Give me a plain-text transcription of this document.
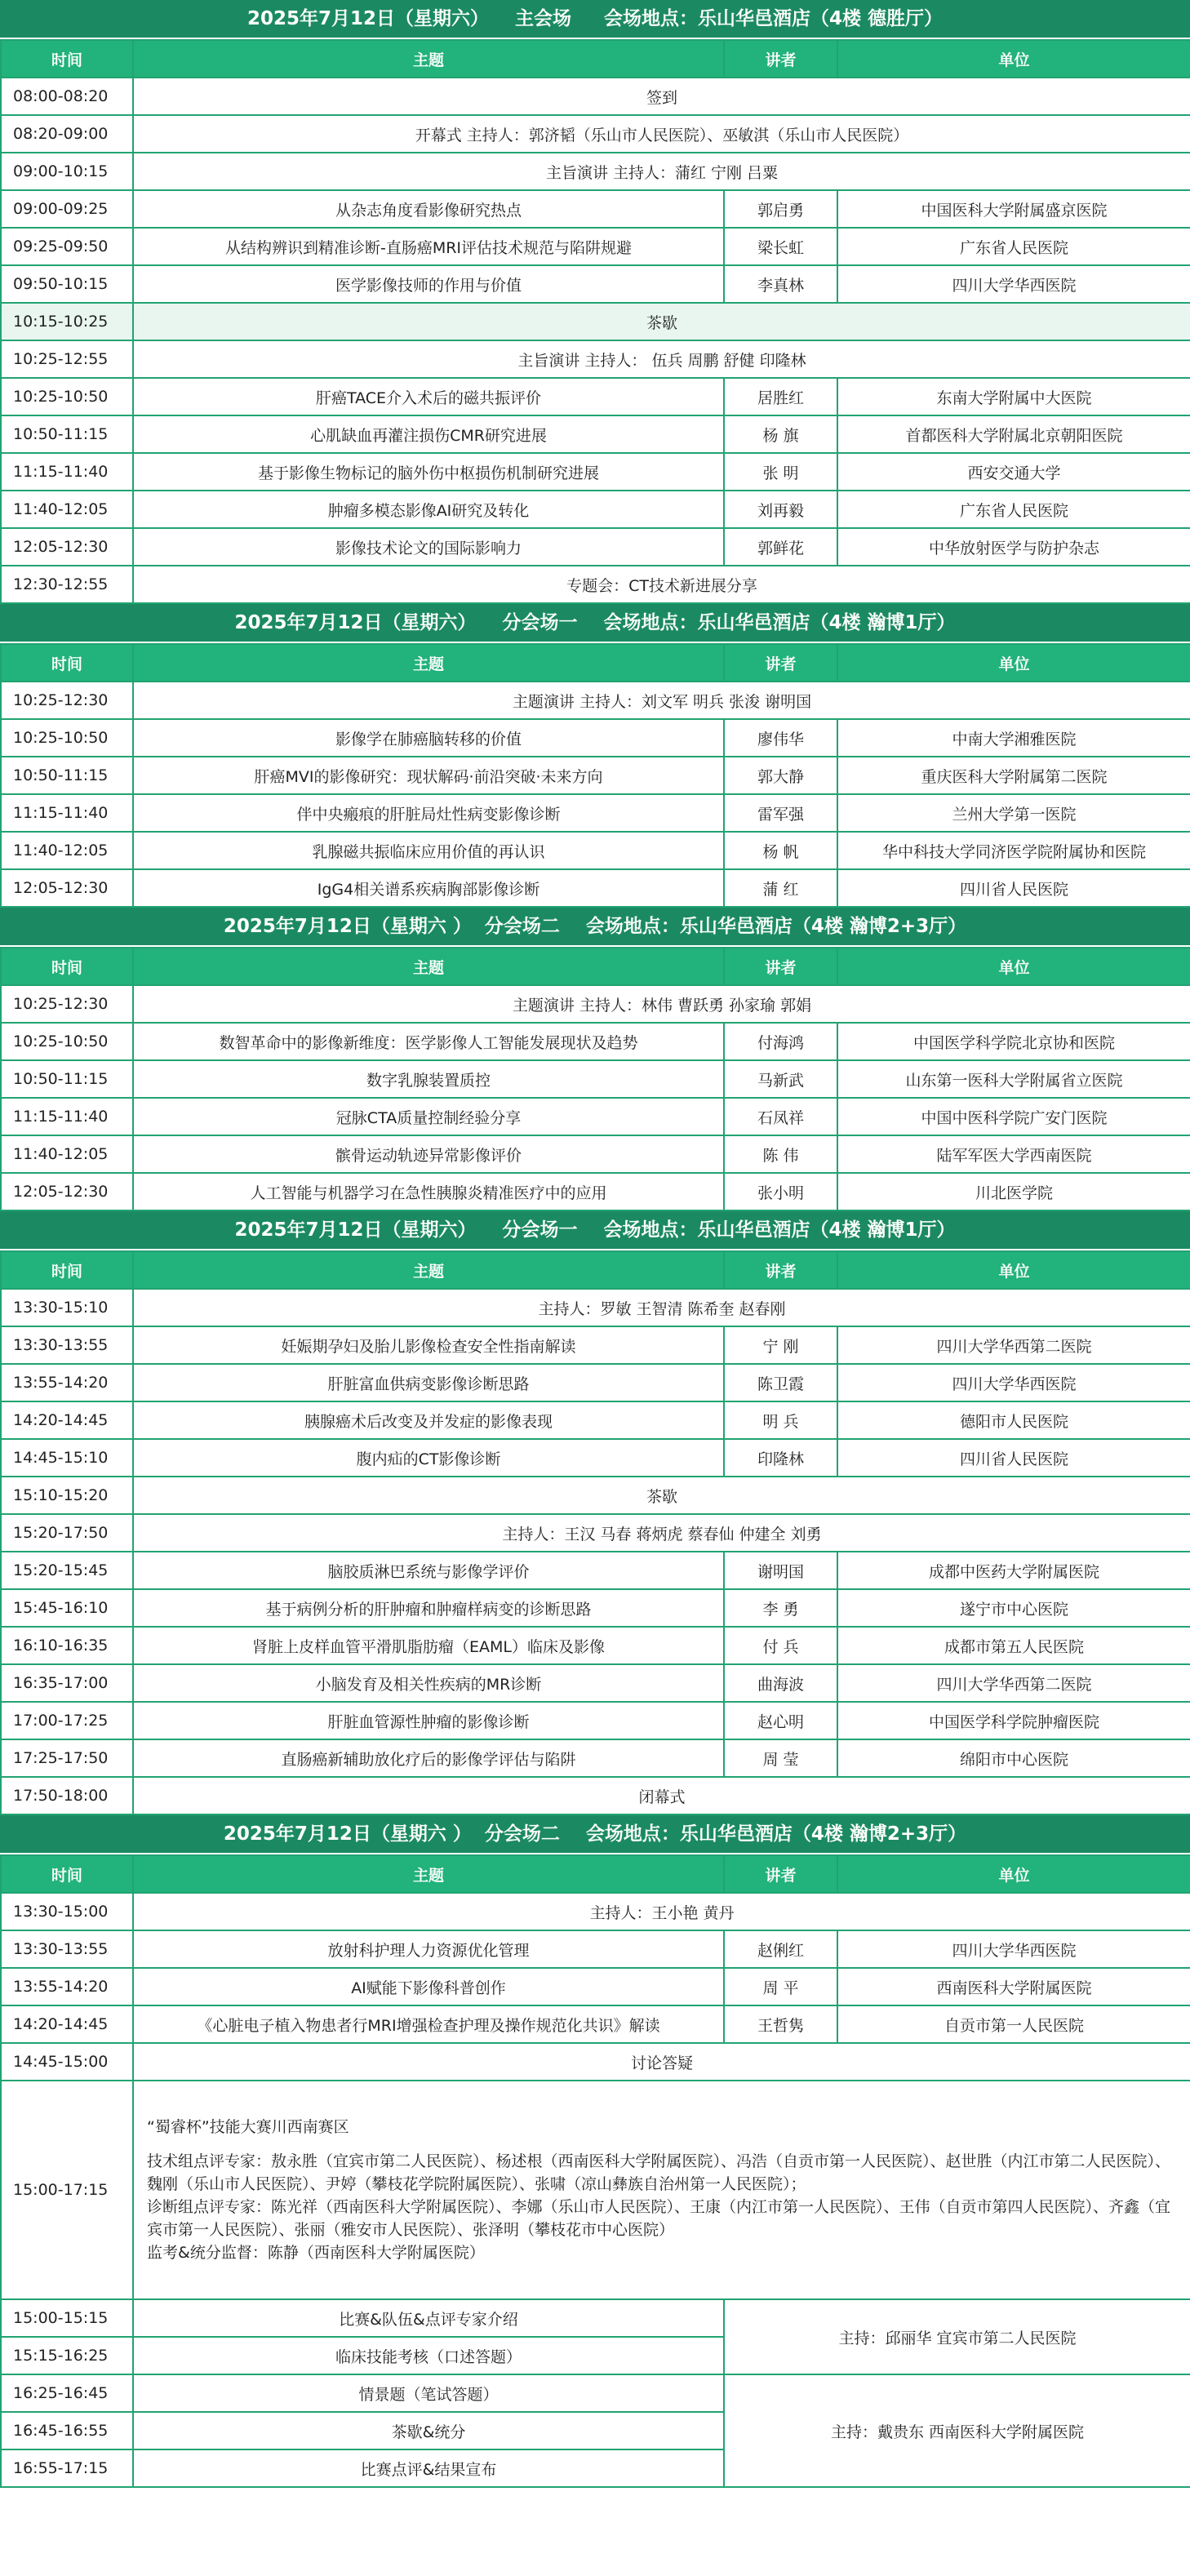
2025年7月12日（星期六）    主会场     会场地点：乐山华邑酒店（4楼 德胜厅）
时间	主题	讲者	单位
08:00-08:20	签到		
08:20-09:00	开幕式 主持人：郭济韬（乐山市人民医院）、巫敏淇（乐山市人民医院）		
09:00-10:15	主旨演讲 主持人：蒲红 宁刚 吕粟		
09:00-09:25	从杂志角度看影像研究热点	郭启勇	中国医科大学附属盛京医院
09:25-09:50	从结构辨识到精准诊断-直肠癌MRI评估技术规范与陷阱规避	梁长虹	广东省人民医院
09:50-10:15	医学影像技师的作用与价值	李真林	四川大学华西医院
10:15-10:25	茶歇		
10:25-12:55	主旨演讲 主持人： 伍兵 周鹏 舒健 印隆林		
10:25-10:50	肝癌TACE介入术后的磁共振评价	居胜红	东南大学附属中大医院
10:50-11:15	心肌缺血再灌注损伤CMR研究进展	杨 旗	首都医科大学附属北京朝阳医院
11:15-11:40	基于影像生物标记的脑外伤中枢损伤机制研究进展	张 明	西安交通大学
11:40-12:05	肿瘤多模态影像AI研究及转化	刘再毅	广东省人民医院
12:05-12:30	影像技术论文的国际影响力	郭鲜花	中华放射医学与防护杂志
12:30-12:55	专题会：CT技术新进展分享		
2025年7月12日（星期六）    分会场一    会场地点：乐山华邑酒店（4楼 瀚博1厅）
时间	主题	讲者	单位
10:25-12:30	主题演讲 主持人：刘文军 明兵 张浚 谢明国		
10:25-10:50	影像学在肺癌脑转移的价值	廖伟华	中南大学湘雅医院
10:50-11:15	肝癌MVI的影像研究：现状解码·前沿突破·未来方向	郭大静	重庆医科大学附属第二医院
11:15-11:40	伴中央瘢痕的肝脏局灶性病变影像诊断	雷军强	兰州大学第一医院
11:40-12:05	乳腺磁共振临床应用价值的再认识	杨 帆	华中科技大学同济医学院附属协和医院
12:05-12:30	IgG4相关谱系疾病胸部影像诊断	蒲 红	四川省人民医院
2025年7月12日（星期六 ）  分会场二    会场地点：乐山华邑酒店（4楼 瀚博2+3厅）
时间	主题	讲者	单位
10:25-12:30	主题演讲 主持人：林伟 曹跃勇 孙家瑜 郭娟		
10:25-10:50	数智革命中的影像新维度：医学影像人工智能发展现状及趋势	付海鸿	中国医学科学院北京协和医院
10:50-11:15	数字乳腺装置质控	马新武	山东第一医科大学附属省立医院
11:15-11:40	冠脉CTA质量控制经验分享	石凤祥	中国中医科学院广安门医院
11:40-12:05	髌骨运动轨迹异常影像评价	陈 伟	陆军军医大学西南医院
12:05-12:30	人工智能与机器学习在急性胰腺炎精准医疗中的应用	张小明	川北医学院
2025年7月12日（星期六）    分会场一    会场地点：乐山华邑酒店（4楼 瀚博1厅）
时间	主题	讲者	单位
13:30-15:10	主持人：罗敏 王智清 陈希奎 赵春刚		
13:30-13:55	妊娠期孕妇及胎儿影像检查安全性指南解读	宁 刚	四川大学华西第二医院
13:55-14:20	肝脏富血供病变影像诊断思路	陈卫霞	四川大学华西医院
14:20-14:45	胰腺癌术后改变及并发症的影像表现	明 兵	德阳市人民医院
14:45-15:10	腹内疝的CT影像诊断	印隆林	四川省人民医院
15:10-15:20	茶歇		
15:20-17:50	主持人：王汉 马春 蒋炳虎 蔡春仙 仲建全 刘勇		
15:20-15:45	脑胶质淋巴系统与影像学评价	谢明国	成都中医药大学附属医院
15:45-16:10	基于病例分析的肝肿瘤和肿瘤样病变的诊断思路	李 勇	遂宁市中心医院
16:10-16:35	肾脏上皮样血管平滑肌脂肪瘤（EAML）临床及影像	付 兵	成都市第五人民医院
16:35-17:00	小脑发育及相关性疾病的MR诊断	曲海波	四川大学华西第二医院
17:00-17:25	肝脏血管源性肿瘤的影像诊断	赵心明	中国医学科学院肿瘤医院
17:25-17:50	直肠癌新辅助放化疗后的影像学评估与陷阱	周 莹	绵阳市中心医院
17:50-18:00	闭幕式		
2025年7月12日（星期六 ）  分会场二    会场地点：乐山华邑酒店（4楼 瀚博2+3厅）
时间	主题	讲者	单位
13:30-15:00	主持人：王小艳 黄丹		
13:30-13:55	放射科护理人力资源优化管理	赵俐红	四川大学华西医院
13:55-14:20	AI赋能下影像科普创作	周 平	西南医科大学附属医院
14:20-14:45	《心脏电子植入物患者行MRI增强检查护理及操作规范化共识》解读	王哲隽	自贡市第一人民医院
14:45-15:00	讨论答疑		
15:00-17:15	“蜀睿杯”技能大赛川西南赛区
技术组点评专家：敖永胜（宜宾市第二人民医院）、杨述根（西南医科大学附属医院）、冯浩（自贡市第一人民医院）、赵世胜（内江市第二人民医院）、魏刚（乐山市人民医院）、尹婷（攀枝花学院附属医院）、张啸（凉山彝族自治州第一人民医院）；
诊断组点评专家：陈光祥（西南医科大学附属医院）、李娜（乐山市人民医院）、王康（内江市第一人民医院）、王伟（自贡市第四人民医院）、齐鑫（宜宾市第一人民医院）、张丽（雅安市人民医院）、张泽明（攀枝花市中心医院）
监考&统分监督：陈静（西南医科大学附属医院）		

15:00-15:15	比赛&队伍&点评专家介绍	主持：邱丽华 宜宾市第二人民医院	
15:15-16:25	临床技能考核（口述答题）		
16:25-16:45	情景题（笔试答题）	主持：戴贵东 西南医科大学附属医院	
16:45-16:55	茶歇&统分		
16:55-17:15	比赛点评&结果宣布		
